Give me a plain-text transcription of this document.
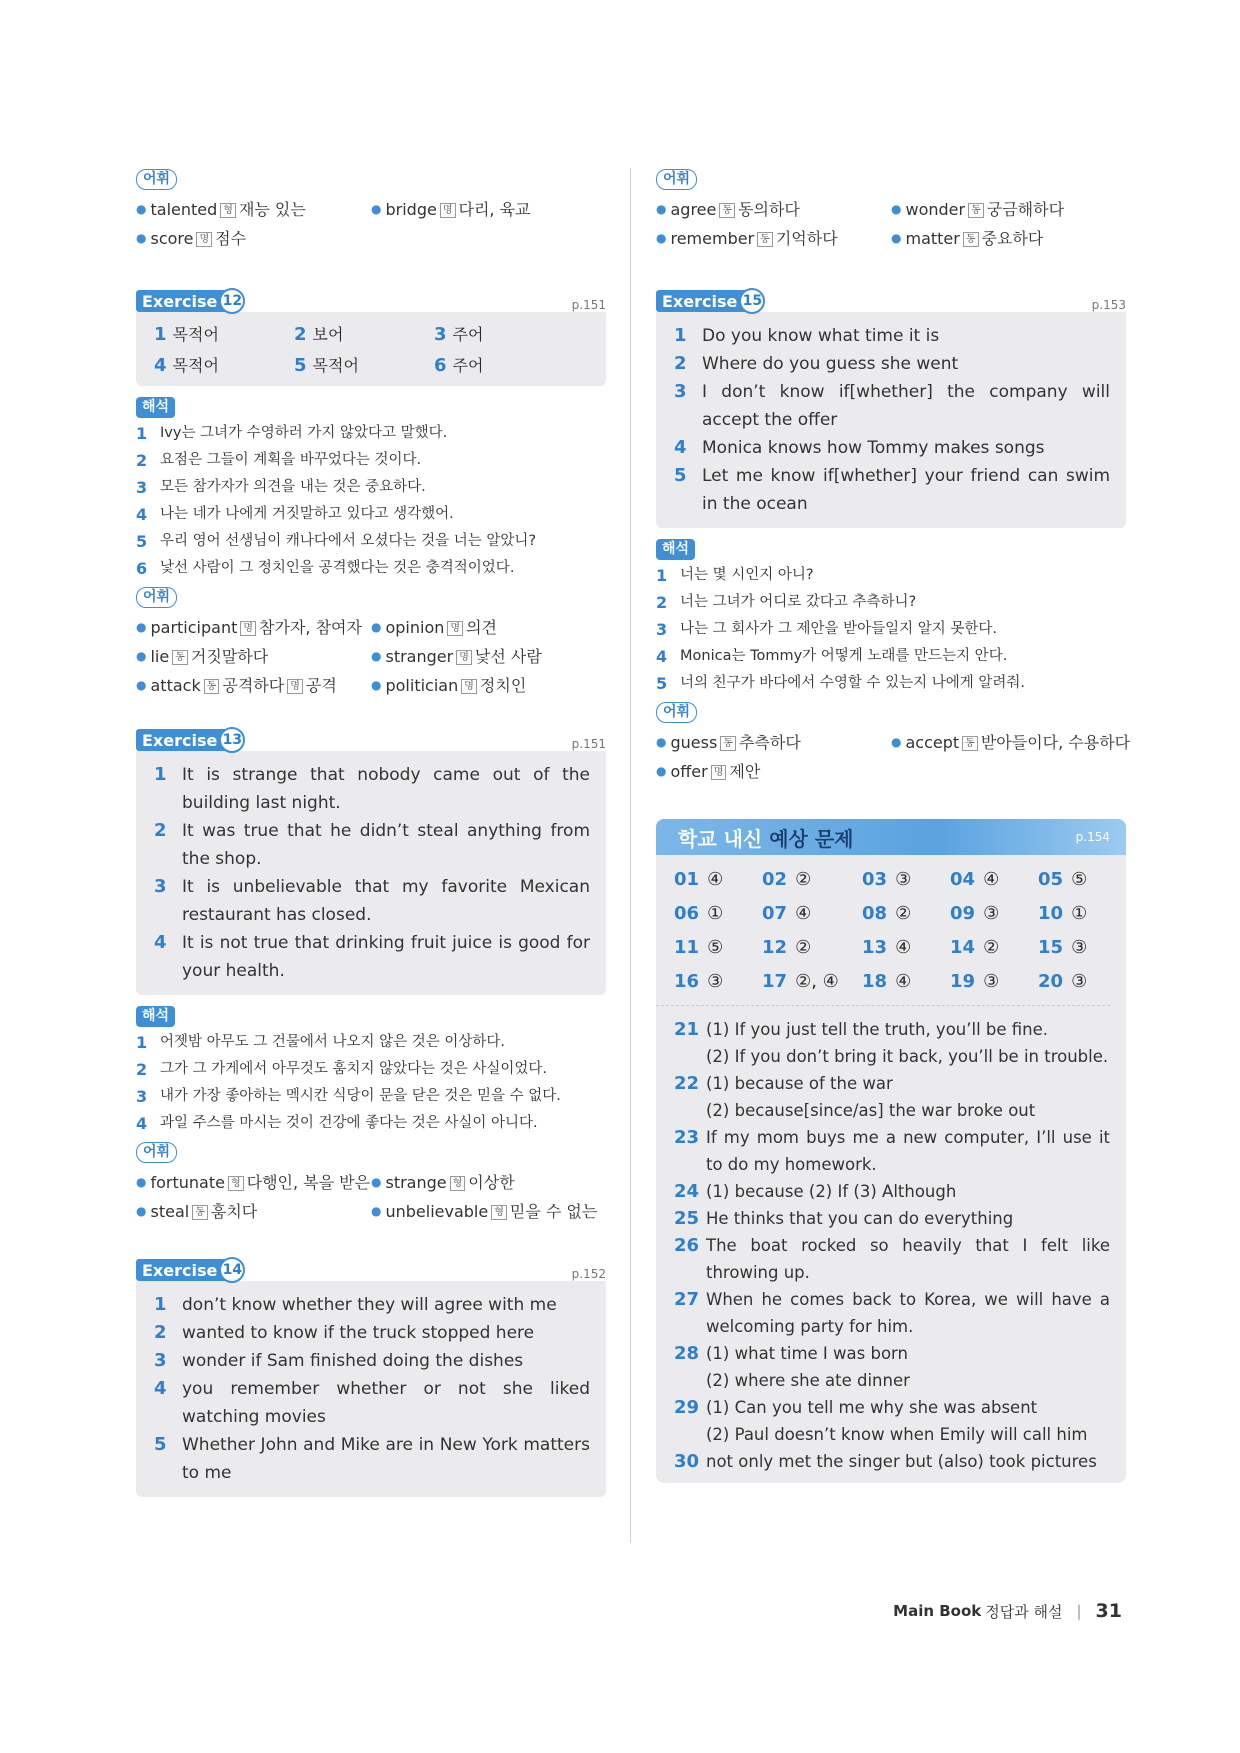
어휘
● talented 형 재능 있는	● bridge 명 다리, 육교
● score 명 점수
Exercise 12	p.151
1 목적어	2 보어	3 주어
4 목적어	5 목적어	6 주어
해석
1 Ivy는 그녀가 수영하러 가지 않았다고 말했다.
2 요점은 그들이 계획을 바꾸었다는 것이다.
3 모든 참가자가 의견을 내는 것은 중요하다.
4 나는 네가 나에게 거짓말하고 있다고 생각했어.
5 우리 영어 선생님이 캐나다에서 오셨다는 것을 너는 알았니?
6 낯선 사람이 그 정치인을 공격했다는 것은 충격적이었다.
어휘
● participant 명 참가자, 참여자 ● opinion 명 의견
● lie 동 거짓말하다	● stranger 명 낯선 사람
● attack 동 공격하다 명 공격	● politician 명 정치인
Exercise 13	p.151
1 It is strange that nobody came out of the building last night.
2 It was true that he didn’t steal anything from the shop.
3 It is unbelievable that my favorite Mexican restaurant has closed.
4 It is not true that drinking fruit juice is good for your health.
해석
1 어젯밤 아무도 그 건물에서 나오지 않은 것은 이상하다.
2 그가 그 가게에서 아무것도 훔치지 않았다는 것은 사실이었다.
3 내가 가장 좋아하는 멕시칸 식당이 문을 닫은 것은 믿을 수 없다.
4 과일 주스를 마시는 것이 건강에 좋다는 것은 사실이 아니다.
어휘
● fortunate 형 다행인, 복을 받은 ● strange 형 이상한
● steal 동 훔치다	● unbelievable 형 믿을 수 없는
Exercise 14	p.152
1 don’t know whether they will agree with me
2 wanted to know if the truck stopped here
3 wonder if Sam finished doing the dishes
4 you remember whether or not she liked watching movies
5 Whether John and Mike are in New York matters to me
어휘
● agree 동 동의하다	● wonder 동 궁금해하다
● remember 동 기억하다	● matter 동 중요하다
Exercise 15	p.153
1 Do you know what time it is
2 Where do you guess she went
3 I don’t know if[whether] the company will accept the offer
4 Monica knows how Tommy makes songs
5 Let me know if[whether] your friend can swim in the ocean
해석
1 너는 몇 시인지 아니?
2 너는 그녀가 어디로 갔다고 추측하니?
3 나는 그 회사가 그 제안을 받아들일지 알지 못한다.
4 Monica는 Tommy가 어떻게 노래를 만드는지 안다.
5 너의 친구가 바다에서 수영할 수 있는지 나에게 알려줘.
어휘
● guess 동 추측하다	● accept 동 받아들이다, 수용하다
● offer 명 제안
학교 내신 예상 문제	p.154
01 ④	02 ②	03 ③	04 ④	05 ⑤
06 ①	07 ④	08 ②	09 ③	10 ①
11 ⑤	12 ②	13 ④	14 ②	15 ③
16 ③	17 ②, ④	18 ④	19 ③	20 ③
21 (1) If you just tell the truth, you’ll be fine.
(2) If you don’t bring it back, you’ll be in trouble.
22 (1) because of the war
(2) because[since/as] the war broke out
23 If my mom buys me a new computer, I’ll use it to do my homework.
24 (1) because (2) If (3) Although
25 He thinks that you can do everything
26 The boat rocked so heavily that I felt like throwing up.
27 When he comes back to Korea, we will have a welcoming party for him.
28 (1) what time I was born
(2) where she ate dinner
29 (1) Can you tell me why she was absent
(2) Paul doesn’t know when Emily will call him
30 not only met the singer but (also) took pictures
Main Book 정답과 해설 | 31
